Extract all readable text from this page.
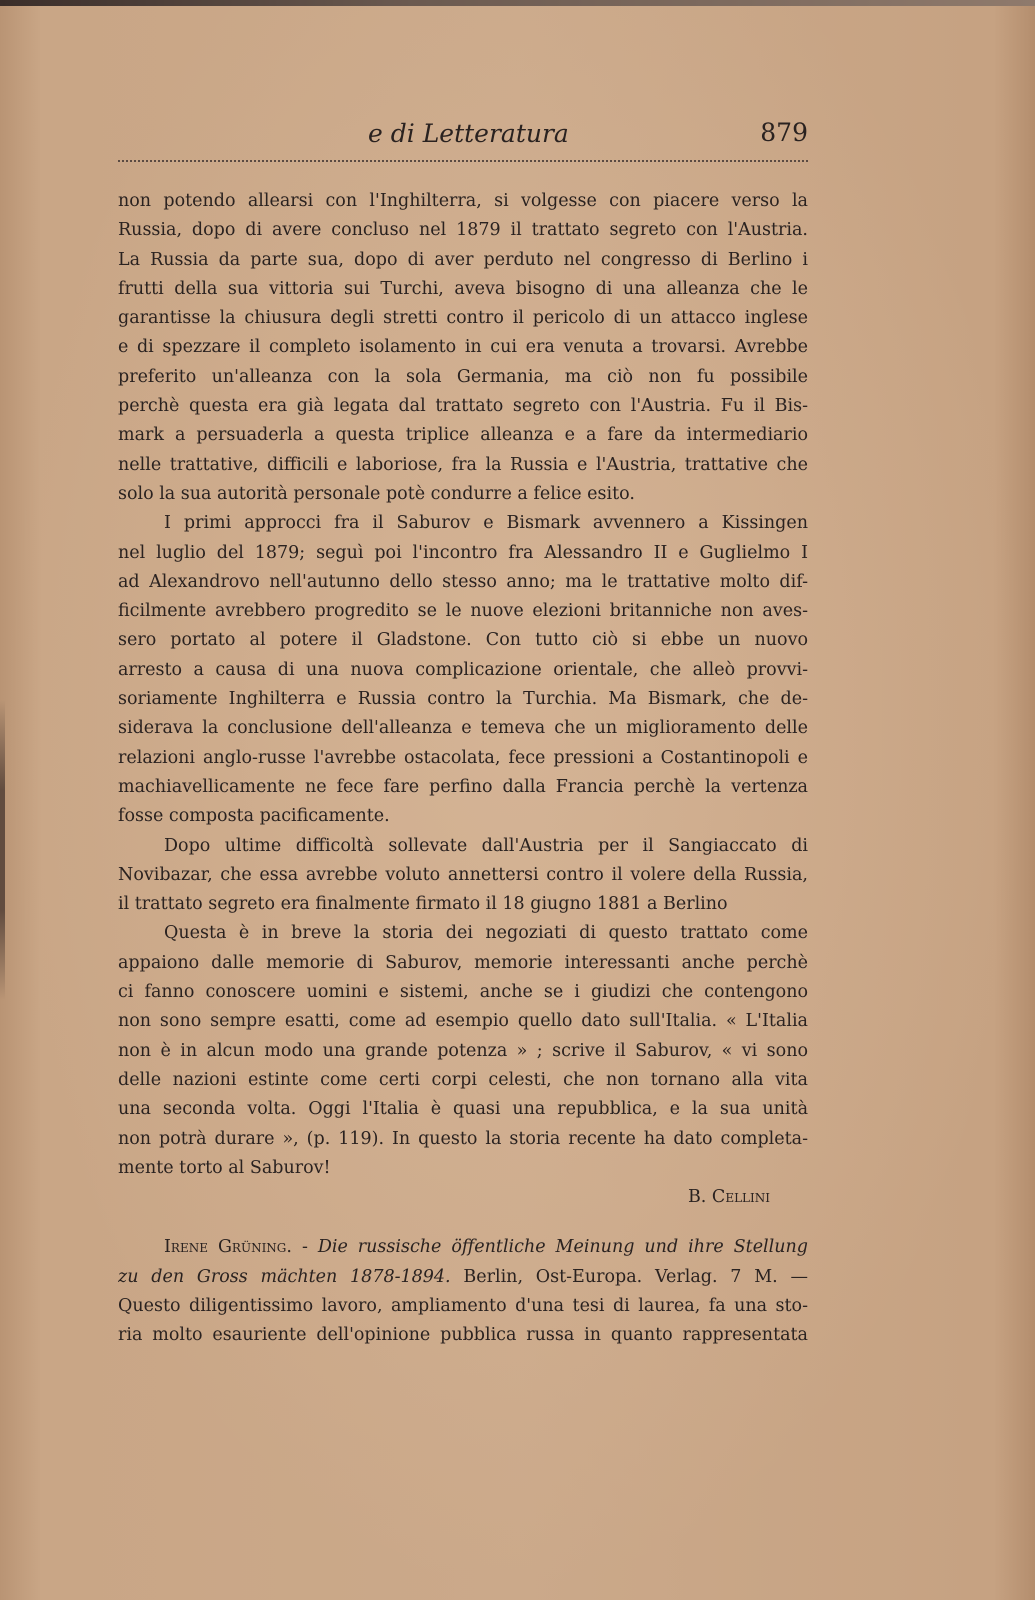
e di Letteratura	879
non potendo allearsi con l'Inghilterra, si volgesse con piacere verso la
Russia, dopo di avere concluso nel 1879 il trattato segreto con l'Austria.
La Russia da parte sua, dopo di aver perduto nel congresso di Berlino i
frutti della sua vittoria sui Turchi, aveva bisogno di una alleanza che le
garantisse la chiusura degli stretti contro il pericolo di un attacco inglese
e di spezzare il completo isolamento in cui era venuta a trovarsi. Avrebbe
preferito un'alleanza con la sola Germania, ma ciò non fu possibile
perchè questa era già legata dal trattato segreto con l'Austria. Fu il Bis-
mark a persuaderla a questa triplice alleanza e a fare da intermediario
nelle trattative, difficili e laboriose, fra la Russia e l'Austria, trattative che
solo la sua autorità personale potè condurre a felice esito.
I primi approcci fra il Saburov e Bismark avvennero a Kissingen
nel luglio del 1879; seguì poi l'incontro fra Alessandro II e Guglielmo I
ad Alexandrovo nell'autunno dello stesso anno; ma le trattative molto dif-
ficilmente avrebbero progredito se le nuove elezioni britanniche non aves-
sero portato al potere il Gladstone. Con tutto ciò si ebbe un nuovo
arresto a causa di una nuova complicazione orientale, che alleò provvi-
soriamente Inghilterra e Russia contro la Turchia. Ma Bismark, che de-
siderava la conclusione dell'alleanza e temeva che un miglioramento delle
relazioni anglo-russe l'avrebbe ostacolata, fece pressioni a Costantinopoli e
machiavellicamente ne fece fare perfino dalla Francia perchè la vertenza
fosse composta pacificamente.
Dopo ultime difficoltà sollevate dall'Austria per il Sangiaccato di
Novibazar, che essa avrebbe voluto annettersi contro il volere della Russia,
il trattato segreto era finalmente firmato il 18 giugno 1881 a Berlino
Questa è in breve la storia dei negoziati di questo trattato come
appaiono dalle memorie di Saburov, memorie interessanti anche perchè
ci fanno conoscere uomini e sistemi, anche se i giudizi che contengono
non sono sempre esatti, come ad esempio quello dato sull'Italia. « L'Italia
non è in alcun modo una grande potenza » ; scrive il Saburov, « vi sono
delle nazioni estinte come certi corpi celesti, che non tornano alla vita
una seconda volta. Oggi l'Italia è quasi una repubblica, e la sua unità
non potrà durare », (p. 119). In questo la storia recente ha dato completa-
mente torto al Saburov!
B. Cellini
Irene Grüning. - Die russische öffentliche Meinung und ihre Stellung
zu den Gross mächten 1878-1894. Berlin, Ost-Europa. Verlag. 7 M. —
Questo diligentissimo lavoro, ampliamento d'una tesi di laurea, fa una sto-
ria molto esauriente dell'opinione pubblica russa in quanto rappresentata
